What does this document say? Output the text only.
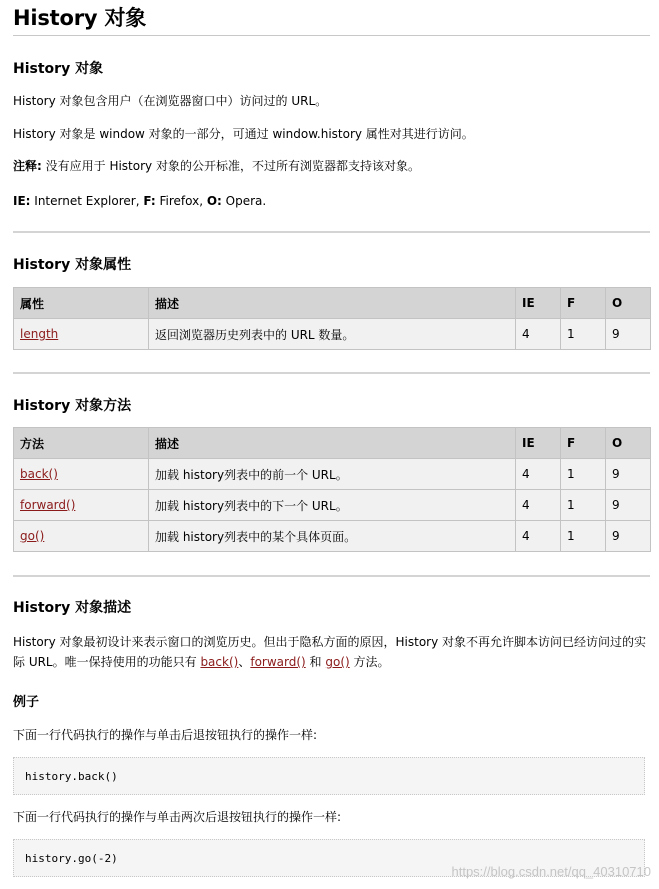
History 对象
History 对象

History 对象包含用户（在浏览器窗口中）访问过的 URL。

History 对象是 window 对象的一部分，可通过 window.history 属性对其进行访问。

注释: 没有应用于 History 对象的公开标准，不过所有浏览器都支持该对象。

IE: Internet Explorer, F: Firefox, O: Opera.

History 对象属性
属性	描述	IE	F	O
length	返回浏览器历史列表中的 URL 数量。	4	1	9
History 对象方法
方法	描述	IE	F	O
back()	加载 history列表中的前一个 URL。	4	1	9
forward()	加载 history列表中的下一个 URL。	4	1	9
go()	加载 history列表中的某个具体页面。	4	1	9
History 对象描述

History 对象最初设计来表示窗口的浏览历史。但出于隐私方面的原因，History 对象不再允许脚本访问已经访问过的实际 URL。唯一保持使用的功能只有 back()、forward() 和 go() 方法。

例子

下面一行代码执行的操作与单击后退按钮执行的操作一样:

history.back()

下面一行代码执行的操作与单击两次后退按钮执行的操作一样:

history.go(-2)
https://blog.csdn.net/qq_40310710
